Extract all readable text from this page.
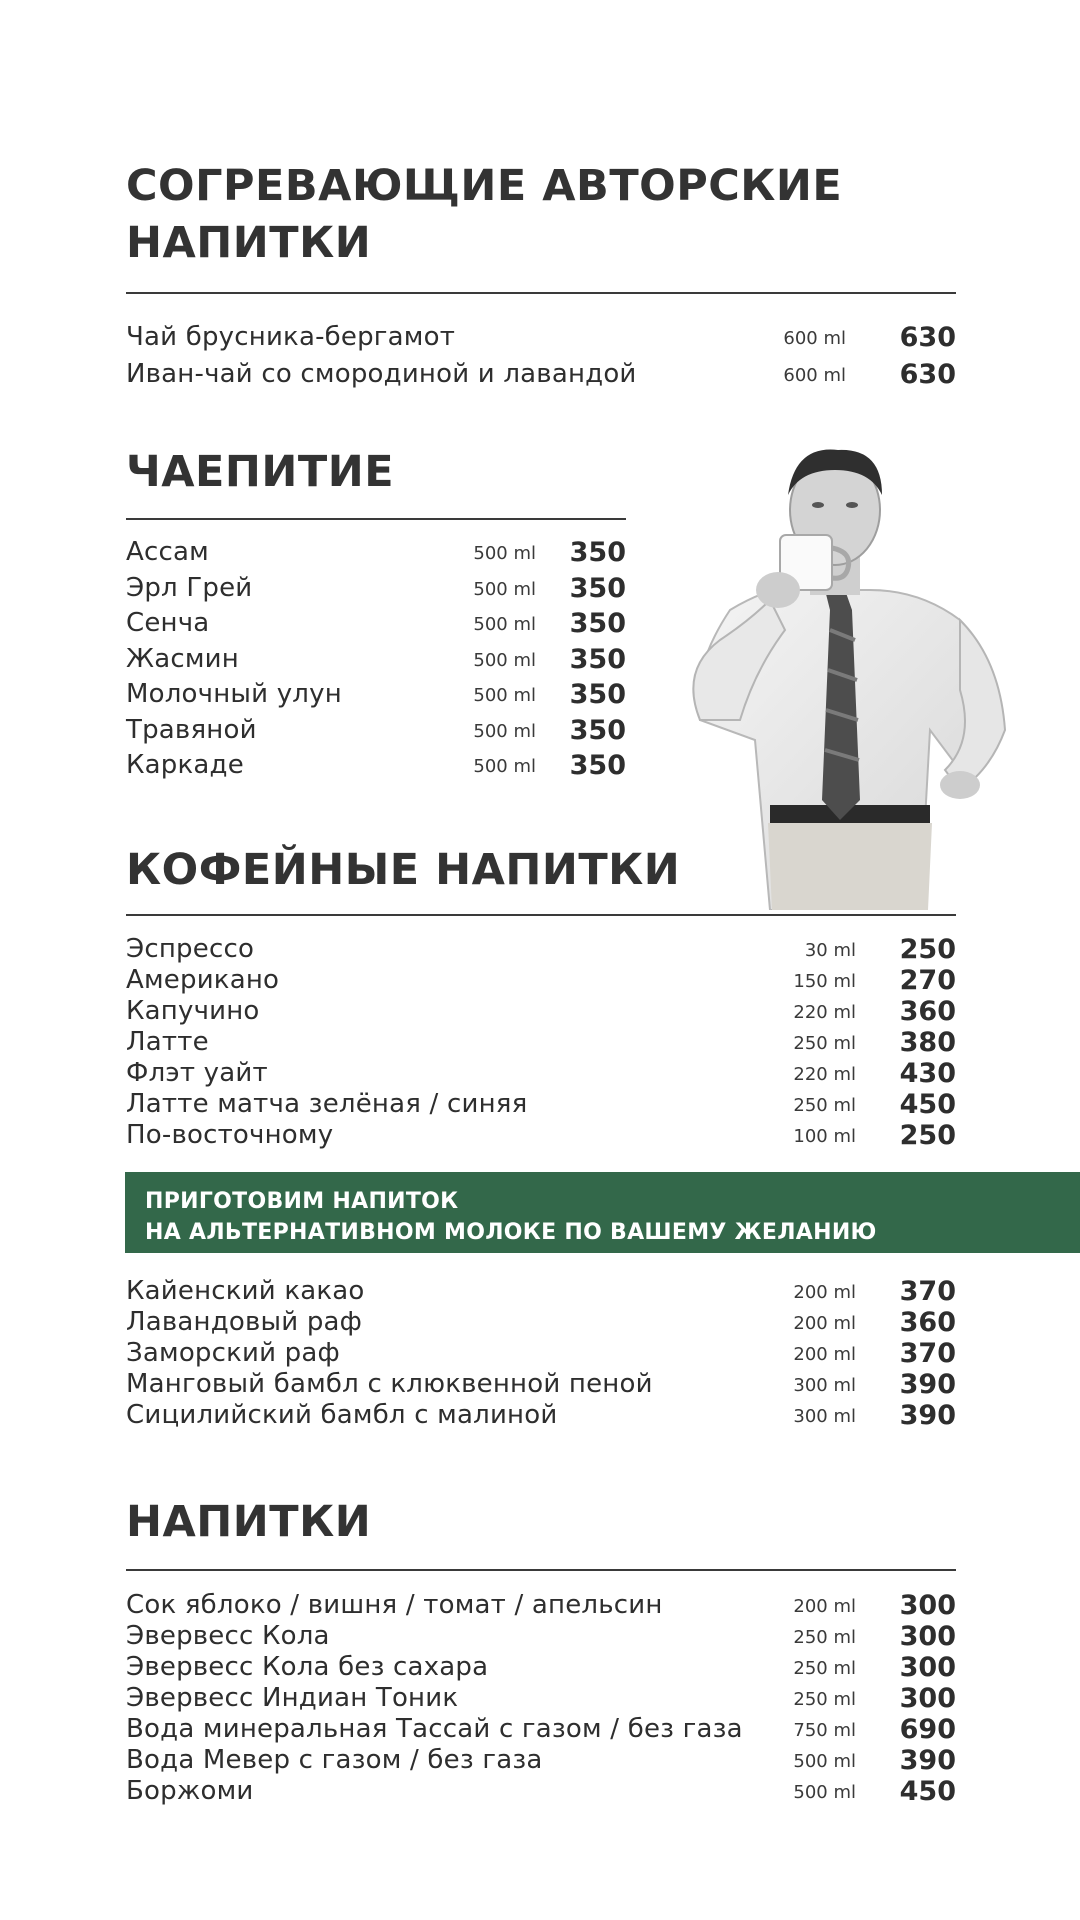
СОГРЕВАЮЩИЕ АВТОРСКИЕ
НАПИТКИ
Чай брусника-бергамот	600 ml 630
Иван-чай со смородиной и лавандой	600 ml 630
ЧАЕПИТИЕ
Ассам	500 ml 350
Эрл Грей	500 ml 350
Сенча	500 ml 350
Жасмин	500 ml 350
Молочный улун	500 ml 350
Травяной	500 ml 350
Каркаде	500 ml 350
КОФЕЙНЫЕ НАПИТКИ
Эспрессо	30 ml 250
Американо	150 ml 270
Капучино	220 ml 360
Латте	250 ml 380
Флэт уайт	220 ml 430
Латте матча зелёная / синяя	250 ml 450
По-восточному	100 ml 250
ПРИГОТОВИМ НАПИТОК
НА АЛЬТЕРНАТИВНОМ МОЛОКЕ ПО ВАШЕМУ ЖЕЛАНИЮ
Кайенский какао	200 ml 370
Лавандовый раф	200 ml 360
Заморский раф	200 ml 370
Манговый бамбл с клюквенной пеной	300 ml 390
Сицилийский бамбл с малиной	300 ml 390
НАПИТКИ
Сок яблоко / вишня / томат / апельсин	200 ml 300
Эвервесс Кола	250 ml 300
Эвервесс Кола без сахара	250 ml 300
Эвервесс Индиан Тоник	250 ml 300
Вода минеральная Тассай с газом / без газа	750 ml 690
Вода Мевер с газом / без газа	500 ml 390
Боржоми	500 ml 450
